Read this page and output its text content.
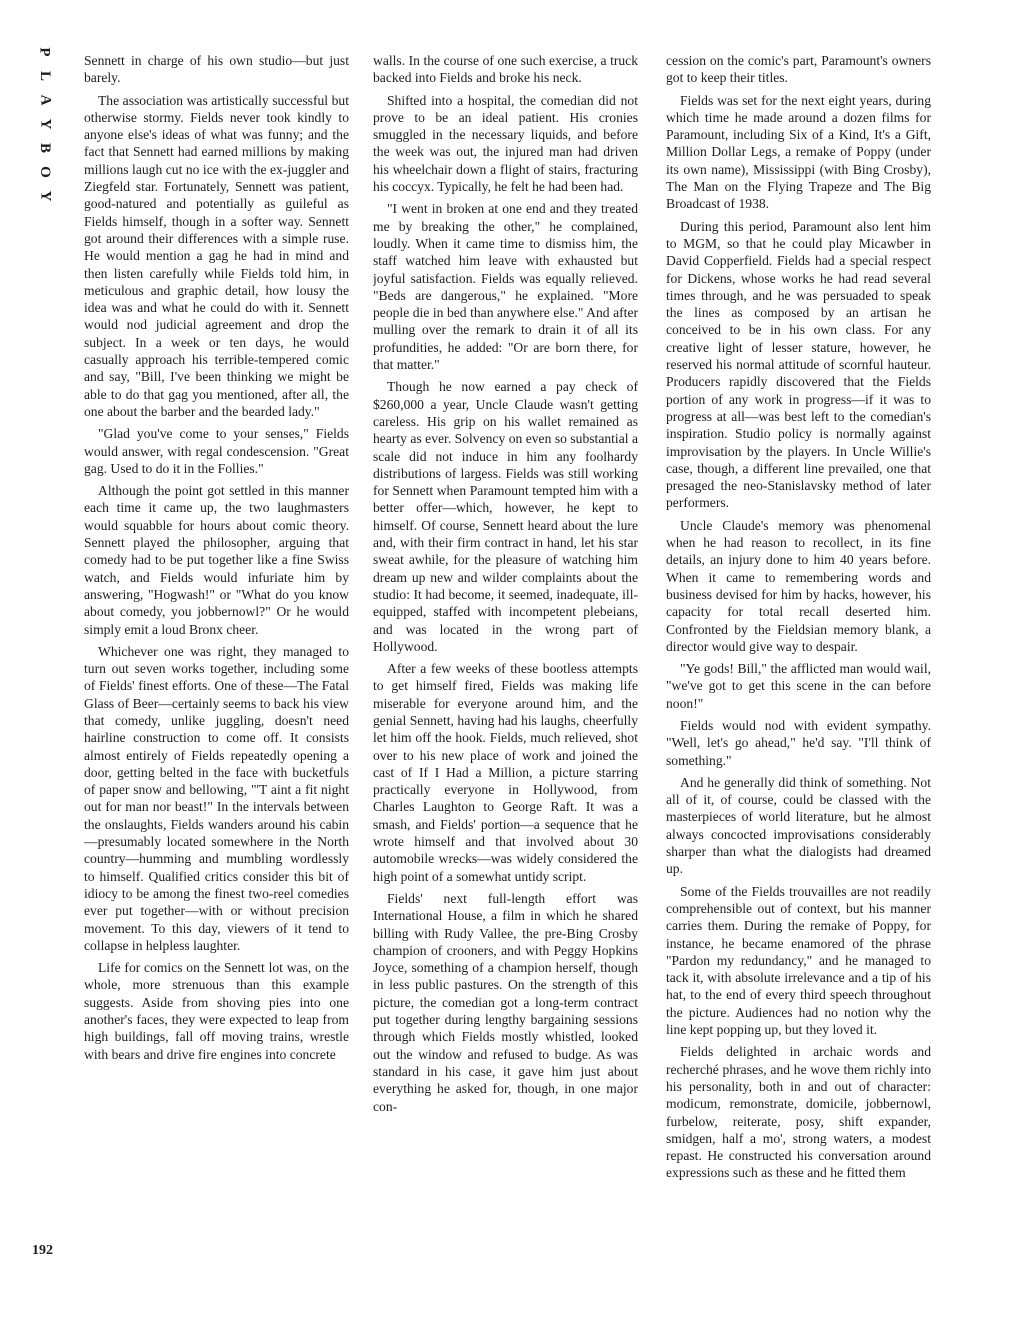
P
L
A
Y
B
O
Y
192

Sennett in charge of his own studio—but just barely.

The association was artistically successful but otherwise stormy. Fields never took kindly to anyone else's ideas of what was funny; and the fact that Sennett had earned millions by making millions laugh cut no ice with the ex-juggler and Ziegfeld star. Fortunately, Sennett was patient, good-natured and potentially as guileful as Fields himself, though in a softer way. Sennett got around their differences with a simple ruse. He would mention a gag he had in mind and then listen carefully while Fields told him, in meticulous and graphic detail, how lousy the idea was and what he could do with it. Sennett would nod judicial agreement and drop the subject. In a week or ten days, he would casually approach his terrible-tempered comic and say, "Bill, I've been thinking we might be able to do that gag you mentioned, after all, the one about the barber and the bearded lady."

"Glad you've come to your senses," Fields would answer, with regal condescension. "Great gag. Used to do it in the Follies."

Although the point got settled in this manner each time it came up, the two laughmasters would squabble for hours about comic theory. Sennett played the philosopher, arguing that comedy had to be put together like a fine Swiss watch, and Fields would infuriate him by answering, "Hogwash!" or "What do you know about comedy, you jobbernowl?" Or he would simply emit a loud Bronx cheer.

Whichever one was right, they managed to turn out seven works together, including some of Fields' finest efforts. One of these—The Fatal Glass of Beer—certainly seems to back his view that comedy, unlike juggling, doesn't need hairline construction to come off. It consists almost entirely of Fields repeatedly opening a door, getting belted in the face with bucketfuls of paper snow and bellowing, "'T aint a fit night out for man nor beast!" In the intervals between the onslaughts, Fields wanders around his cabin—presumably located somewhere in the North country—humming and mumbling wordlessly to himself. Qualified critics consider this bit of idiocy to be among the finest two-reel comedies ever put together—with or without precision movement. To this day, viewers of it tend to collapse in helpless laughter.

Life for comics on the Sennett lot was, on the whole, more strenuous than this example suggests. Aside from shoving pies into one another's faces, they were expected to leap from high buildings, fall off moving trains, wrestle with bears and drive fire engines into concrete

walls. In the course of one such exercise, a truck backed into Fields and broke his neck.

Shifted into a hospital, the comedian did not prove to be an ideal patient. His cronies smuggled in the necessary liquids, and before the week was out, the injured man had driven his wheelchair down a flight of stairs, fracturing his coccyx. Typically, he felt he had been had.

"I went in broken at one end and they treated me by breaking the other," he complained, loudly. When it came time to dismiss him, the staff watched him leave with exhausted but joyful satisfaction. Fields was equally relieved. "Beds are dangerous," he explained. "More people die in bed than anywhere else." And after mulling over the remark to drain it of all its profundities, he added: "Or are born there, for that matter."

Though he now earned a pay check of $260,000 a year, Uncle Claude wasn't getting careless. His grip on his wallet remained as hearty as ever. Solvency on even so substantial a scale did not induce in him any foolhardy distributions of largess. Fields was still working for Sennett when Paramount tempted him with a better offer—which, however, he kept to himself. Of course, Sennett heard about the lure and, with their firm contract in hand, let his star sweat awhile, for the pleasure of watching him dream up new and wilder complaints about the studio: It had become, it seemed, inadequate, ill-equipped, staffed with incompetent plebeians, and was located in the wrong part of Hollywood.

After a few weeks of these bootless attempts to get himself fired, Fields was making life miserable for everyone around him, and the genial Sennett, having had his laughs, cheerfully let him off the hook. Fields, much relieved, shot over to his new place of work and joined the cast of If I Had a Million, a picture starring practically everyone in Hollywood, from Charles Laughton to George Raft. It was a smash, and Fields' portion—a sequence that he wrote himself and that involved about 30 automobile wrecks—was widely considered the high point of a somewhat untidy script.

Fields' next full-length effort was International House, a film in which he shared billing with Rudy Vallee, the pre-Bing Crosby champion of crooners, and with Peggy Hopkins Joyce, something of a champion herself, though in less public pastures. On the strength of this picture, the comedian got a long-term contract put together during lengthy bargaining sessions through which Fields mostly whistled, looked out the window and refused to budge. As was standard in his case, it gave him just about everything he asked for, though, in one major con-

cession on the comic's part, Paramount's owners got to keep their titles.

Fields was set for the next eight years, during which time he made around a dozen films for Paramount, including Six of a Kind, It's a Gift, Million Dollar Legs, a remake of Poppy (under its own name), Mississippi (with Bing Crosby), The Man on the Flying Trapeze and The Big Broadcast of 1938.

During this period, Paramount also lent him to MGM, so that he could play Micawber in David Copperfield. Fields had a special respect for Dickens, whose works he had read several times through, and he was persuaded to speak the lines as composed by an artisan he conceived to be in his own class. For any creative light of lesser stature, however, he reserved his normal attitude of scornful hauteur. Producers rapidly discovered that the Fields portion of any work in progress—if it was to progress at all—was best left to the comedian's inspiration. Studio policy is normally against improvisation by the players. In Uncle Willie's case, though, a different line prevailed, one that presaged the neo-Stanislavsky method of later performers.

Uncle Claude's memory was phenomenal when he had reason to recollect, in its fine details, an injury done to him 40 years before. When it came to remembering words and business devised for him by hacks, however, his capacity for total recall deserted him. Confronted by the Fieldsian memory blank, a director would give way to despair.

"Ye gods! Bill," the afflicted man would wail, "we've got to get this scene in the can before noon!"

Fields would nod with evident sympathy. "Well, let's go ahead," he'd say. "I'll think of something."

And he generally did think of something. Not all of it, of course, could be classed with the masterpieces of world literature, but he almost always concocted improvisations considerably sharper than what the dialogists had dreamed up.

Some of the Fields trouvailles are not readily comprehensible out of context, but his manner carries them. During the remake of Poppy, for instance, he became enamored of the phrase "Pardon my redundancy," and he managed to tack it, with absolute irrelevance and a tip of his hat, to the end of every third speech throughout the picture. Audiences had no notion why the line kept popping up, but they loved it.

Fields delighted in archaic words and recherché phrases, and he wove them richly into his personality, both in and out of character: modicum, remonstrate, domicile, jobbernowl, furbelow, reiterate, posy, shift expander, smidgen, half a mo', strong waters, a modest repast. He constructed his conversation around expressions such as these and he fitted them
